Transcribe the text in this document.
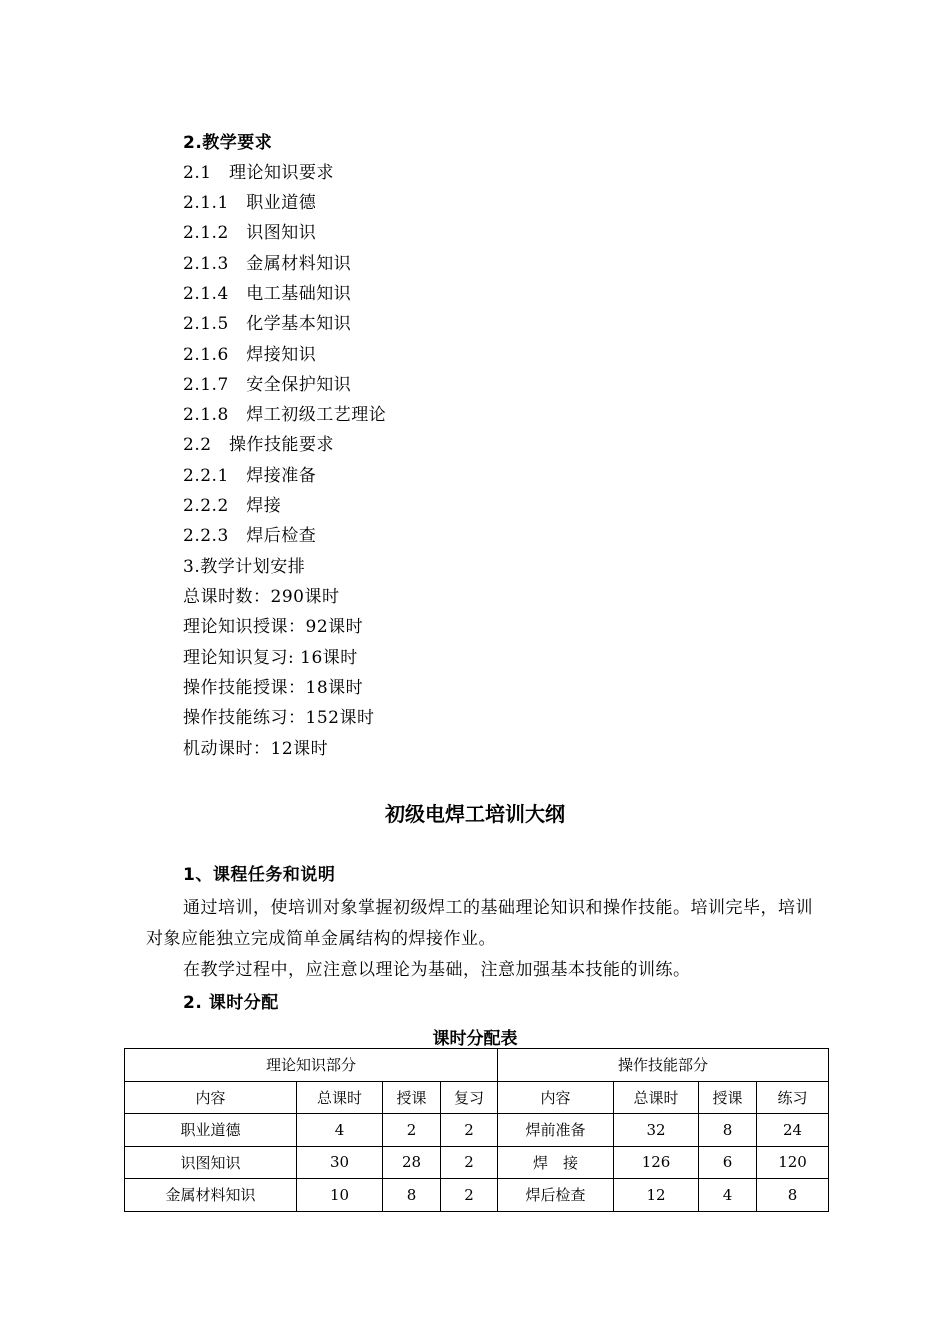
2.教学要求
2.1　理论知识要求
2.1.1　职业道德
2.1.2　识图知识
2.1.3　金属材料知识
2.1.4　电工基础知识
2.1.5　化学基本知识
2.1.6　焊接知识
2.1.7　安全保护知识
2.1.8　焊工初级工艺理论
2.2　操作技能要求
2.2.1　焊接准备
2.2.2　焊接
2.2.3　焊后检查
3.教学计划安排
总课时数：290课时
理论知识授课：92课时
理论知识复习: 16课时
操作技能授课：18课时
操作技能练习：152课时
机动课时：12课时
初级电焊工培训大纲
1、课程任务和说明
通过培训，使培训对象掌握初级焊工的基础理论知识和操作技能。培训完毕，培训对象应能独立完成简单金属结构的焊接作业。
在教学过程中，应注意以理论为基础，注意加强基本技能的训练。
2. 课时分配
课时分配表
理论知识部分				操作技能部分			
内容	总课时	授课	复习	内容	总课时	授课	练习
职业道德	4	2	2	焊前准备	32	8	24
识图知识	30	28	2	焊　接	126	6	120
金属材料知识	10	8	2	焊后检查	12	4	8
